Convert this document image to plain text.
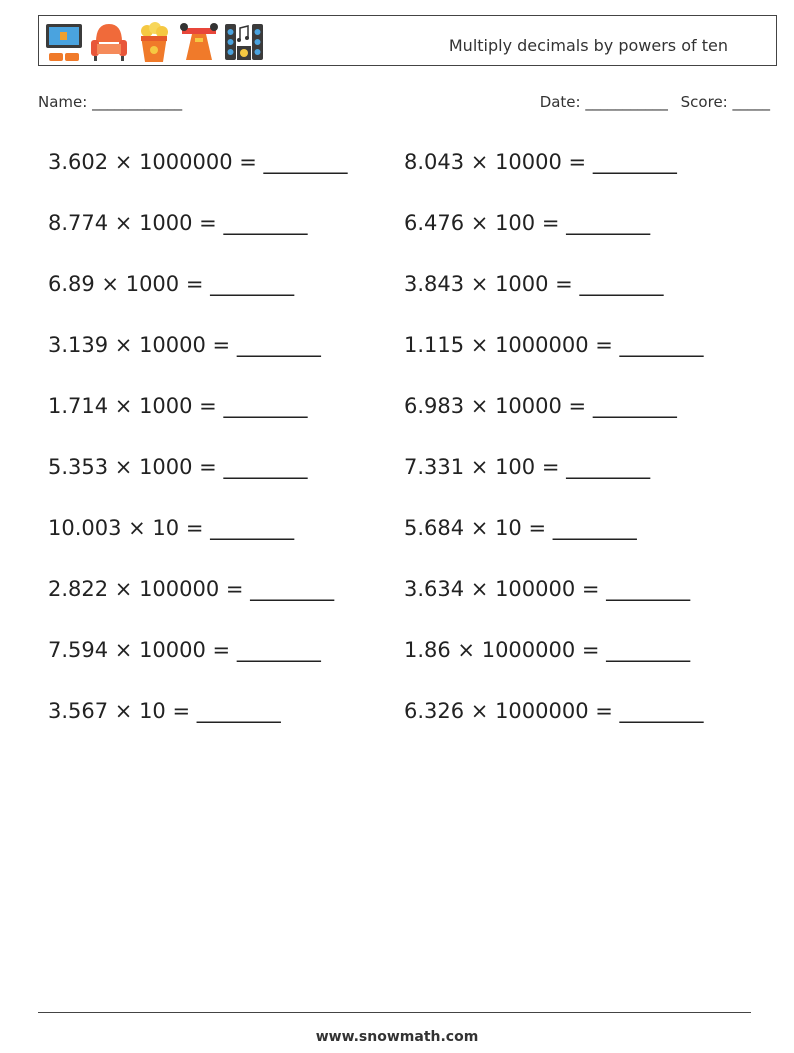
Multiply decimals by powers of ten
Name: ____________	Date: ___________ Score: _____
3.602 × 1000000 = ________
8.774 × 1000 = ________
6.89 × 1000 = ________
3.139 × 10000 = ________
1.714 × 1000 = ________
5.353 × 1000 = ________
10.003 × 10 = ________
2.822 × 100000 = ________
7.594 × 10000 = ________
3.567 × 10 = ________
8.043 × 10000 = ________
6.476 × 100 = ________
3.843 × 1000 = ________
1.115 × 1000000 = ________
6.983 × 10000 = ________
7.331 × 100 = ________
5.684 × 10 = ________
3.634 × 100000 = ________
1.86 × 1000000 = ________
6.326 × 1000000 = ________
www.snowmath.com
